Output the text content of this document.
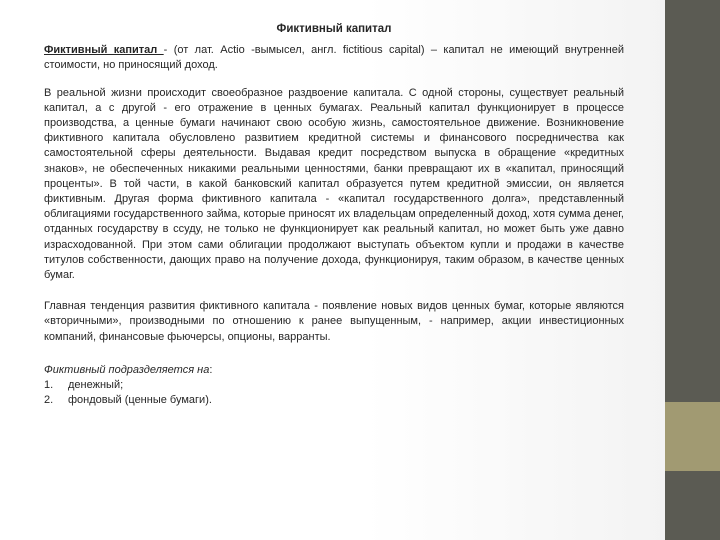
Фиктивный капитал

Фиктивный капитал - (от лат. Actio -вымысел, англ. fictitious capital) – капитал не имеющий внутренней стоимости, но приносящий доход.

В реальной жизни происходит своеобразное раздвоение капитала. С одной стороны, существует реальный капитал, а с другой - его отражение в ценных бумагах. Реальный капитал функционирует в процессе производства, а ценные бумаги начинают свою особую жизнь, самостоятельное движение. Возникновение фиктивного капитала обусловлено развитием кредитной системы и финансового посредничества как самостоятельной сферы деятельности. Выдавая кредит посредством выпуска в обращение «кредитных знаков», не обеспеченных никакими реальными ценностями, банки превращают их в «капитал, приносящий проценты». В той части, в какой банковский капитал образуется путем кредитной эмиссии, он является фиктивным. Другая форма фиктивного капитала - «капитал государственного долга», представленный облигациями государственного займа, которые приносят их владельцам определенный доход, хотя сумма денег, отданных государству в ссуду, не только не функционирует как реальный капитал, но может быть уже давно израсходованной. При этом сами облигации продолжают выступать объектом купли и продажи в качестве титулов собственности, дающих право на получение дохода, функционируя, таким образом, в качестве ценных бумаг.

Главная тенденция развития фиктивного капитала - появление новых видов ценных бумаг, которые являются «вторичными», производными по отношению к ранее выпущенным, - например, акции инвестиционных компаний, финансовые фьючерсы, опционы, варранты.

Фиктивный подразделяется на:

1.	денежный;
2.	фондовый (ценные бумаги).
